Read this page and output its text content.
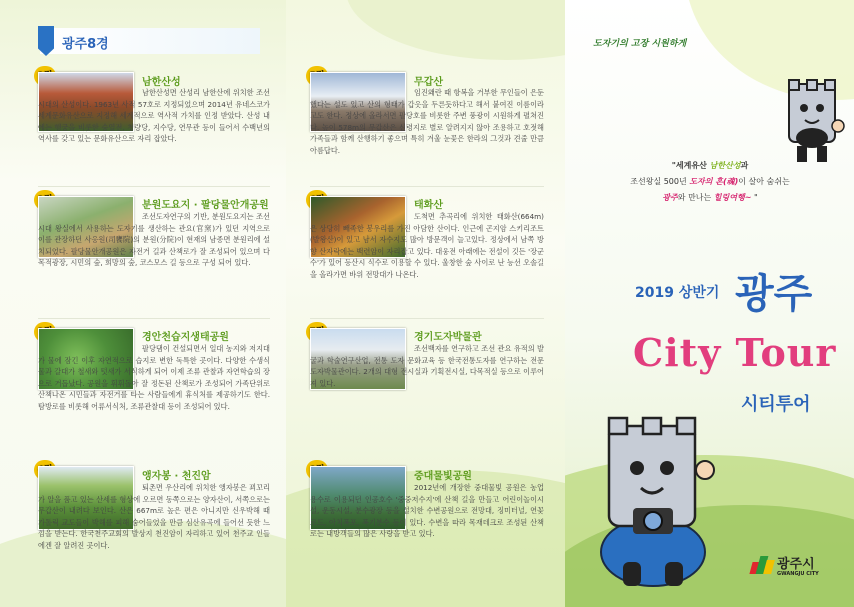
광주8경
남한산성
남한산성면 산성리 남한산에 위치한 조선시대의 산성이다. 1963년 사적 57호로 지정되었으며 2014년 유네스코가 세계문화유산으로 지정해 세계적으로 역사적 가치를 인정 받았다. 산성 내 에는 행궁을 비롯한 숭열전, 청량당, 지수당, 연무관 등이 들어서 수백년의 역사를 갖고 있는 문화유산으로 자리 잡았다.
분원도요지 · 팔당물안개공원
조선도자연구의 기반, 분원도요지는 조선시대 왕실에서 사용하는 도자기를 생산하는 관요(官窯)가 있던 지역으로 이를 관장하던 사옹원(司饔院)의 분원(分院)이 현재의 남종면 분원리에 설치되었다. 팔당물안개공원은 자전거 길과 산책로가 잘 조성되어 있으며 다목적광장, 시민의 숲, 희망의 숲, 코스모스 길 등으로 구성 되어 있다.
경안천습지생태공원
팔당댐이 건설되면서 일대 농지와 저지대가 물에 잠긴 이후 자연적으로 습지로 변한 독특한 곳이다. 다양한 수생식물과 갈대가 철새와 텃새가 서식하게 되어 이제 조류 관찰과 자연학습의 장으로 거듭났다. 공원을 휘휘돌아 잘 정돈된 산책로가 조성되어 가족단위로 산책나온 시민들과 자전거를 타는 사람들에게 휴식처를 제공하기도 한다. 탐방로를 비롯해 어류서식처, 조류관찰대 등이 조성되어 있다.
앵자봉 · 천진암
퇴촌면 우산리에 위치한 앵자봉은 꾀꼬리가 알을 품고 있는 산세를 형상에 오르면 동쪽으로는 양자산이, 서쪽으로는 무갑산이 내려다 보인다. 산은 667m로 높은 편은 아니지만 신우박해 때 가톨릭 교도들이 박해를 피해 숨어들었을 만큼 심산유곡에 들어선 듯한 느낌을 받는다. 한국천주교회의 발상지 천진암이 자리하고 있어 천주교 인들에겐 잘 알려진 곳이다.
무갑산
임진왜란 때 항복을 거부한 무인들이 은둔했다는 설도 있고 산의 형태가 갑옷을 두른듯하다고 해서 붙여진 이름이라고도 한다. 정상에 올라서면 팔당호를 비롯한 주변 풍광이 시원하게 펼쳐진다. 높이 578m의 무갑산은 신령지로 별로 알려지지 않아 조용하고 호젓해 가족들과 함께 산행하기 좋으며 특히 겨울 눈꽃은 한라의 그것과 견줄 만큼 아름답다.
태화산
도척면 추곡리에 위치한 태화산(664m)은 상당히 빼족한 봉우리를 가진 아담한 산이다. 인근에 곤지암 스키리조트(발왕산)이 있고 남서 자수지도 많아 방문객이 늘고있다. 정상에서 남쪽 방향 산자락에는 백련암이 자리잡고 있다. 대웅전 아래에는 전설이 깃든 '장군수'가 있어 등산시 식수로 이용할 수 있다. 울창한 숲 사이로 난 능선 오솔길을 올라가면 바위 전망대가 나온다.
경기도자박물관
조선백자를 연구하고 조선 관요 유적의 발굴과 학술연구산업, 전통 도자 문화교육 등 한국전통도자를 연구하는 전문도자박물관이다. 2개의 대형 전시실과 기획전시실, 다목적실 등으로 이루어져 있다.
중대물빛공원
2012년에 개장한 중대물빛 공원은 농업용수로 이용되던 인공호수 '중중저수지'에 산책 길을 만들고 어린이놀이시설, 운동시설, 분수광장 등을 설치한 수변공원으로 전망대, 징미터널, 연꽃로드, 아치폭포, 폭기분수 등이 있다. 수변을 따라 목재데크로 조성된 산책로는 내방객들의 많은 사랑을 받고 있다.
도자기의 고장 시원하게
"세계유산 남한산성과
조선왕실 500년 도자의 혼(魂)이 살아 숨쉬는
광주와 만나는 힐링여행~ "
2019 상반기 광주
City Tour
시티투어
광주시
GWANGJU CITY
